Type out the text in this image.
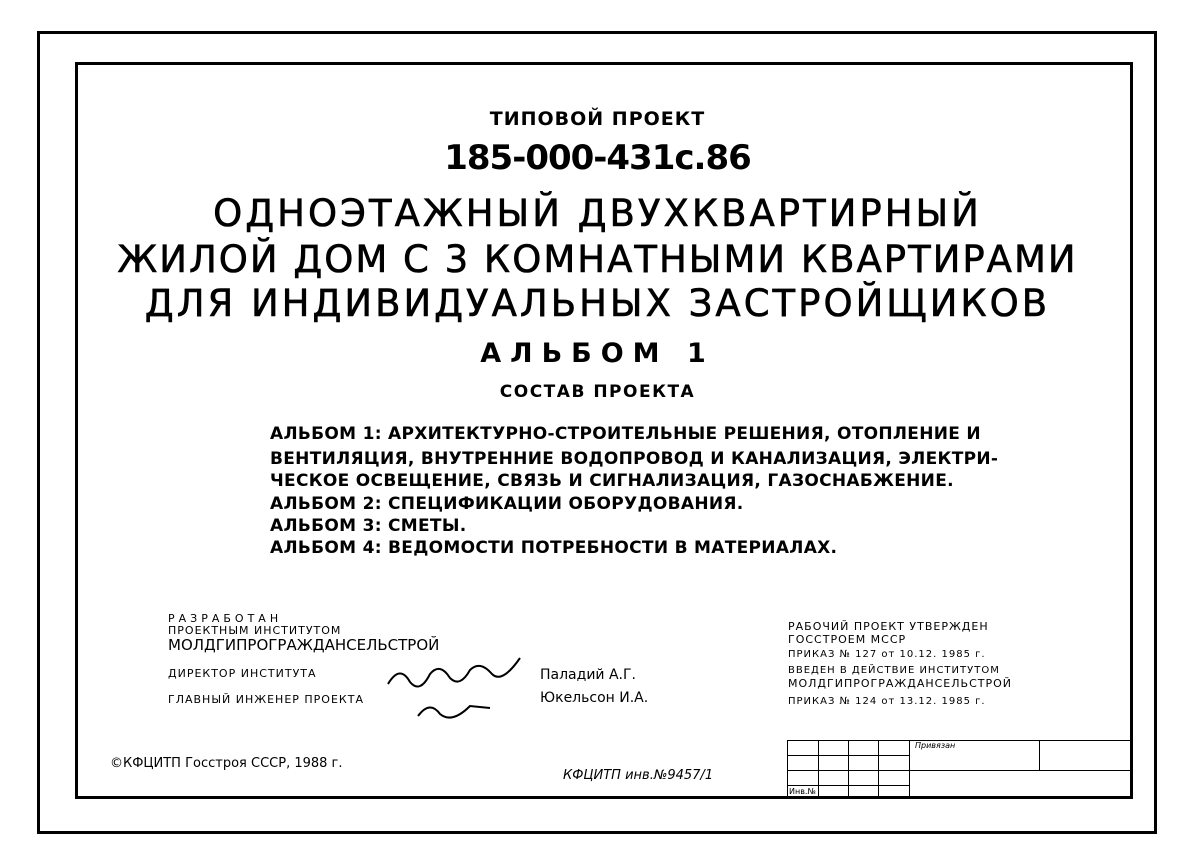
ТИПОВОЙ ПРОЕКТ
185-000-431с.86
ОДНОЭТАЖНЫЙ ДВУХКВАРТИРНЫЙ
ЖИЛОЙ ДОМ С 3 КОМНАТНЫМИ КВАРТИРАМИ
ДЛЯ ИНДИВИДУАЛЬНЫХ ЗАСТРОЙЩИКОВ
АЛЬБОМ 1
СОСТАВ ПРОЕКТА
АЛЬБОМ 1: АРХИТЕКТУРНО-СТРОИТЕЛЬНЫЕ РЕШЕНИЯ, ОТОПЛЕНИЕ И
ВЕНТИЛЯЦИЯ, ВНУТРЕННИЕ ВОДОПРОВОД И КАНАЛИЗАЦИЯ, ЭЛЕКТРИ-
ЧЕСКОЕ ОСВЕЩЕНИЕ, СВЯЗЬ И СИГНАЛИЗАЦИЯ, ГАЗОСНАБЖЕНИЕ.
АЛЬБОМ 2: СПЕЦИФИКАЦИИ ОБОРУДОВАНИЯ.
АЛЬБОМ 3: СМЕТЫ.
АЛЬБОМ 4: ВЕДОМОСТИ ПОТРЕБНОСТИ В МАТЕРИАЛАХ.
РАЗРАБОТАН
ПРОЕКТНЫМ ИНСТИТУТОМ
МОЛДГИПРОГРАЖДАНСЕЛЬСТРОЙ
ДИРЕКТОР ИНСТИТУТА
ГЛАВНЫЙ ИНЖЕНЕР ПРОЕКТА
Паладий А.Г.
Юкельсон И.А.
РАБОЧИЙ ПРОЕКТ УТВЕРЖДЕН
ГОССТРОЕМ МССР
ПРИКАЗ № 127 от 10.12. 1985 г.
ВВЕДЕН В ДЕЙСТВИЕ ИНСТИТУТОМ
МОЛДГИПРОГРАЖДАНСЕЛЬСТРОЙ
ПРИКАЗ № 124 от 13.12. 1985 г.
©КФЦИТП Госстроя СССР, 1988 г.
КФЦИТП инв.№9457/1
Привязан
Инв.№
